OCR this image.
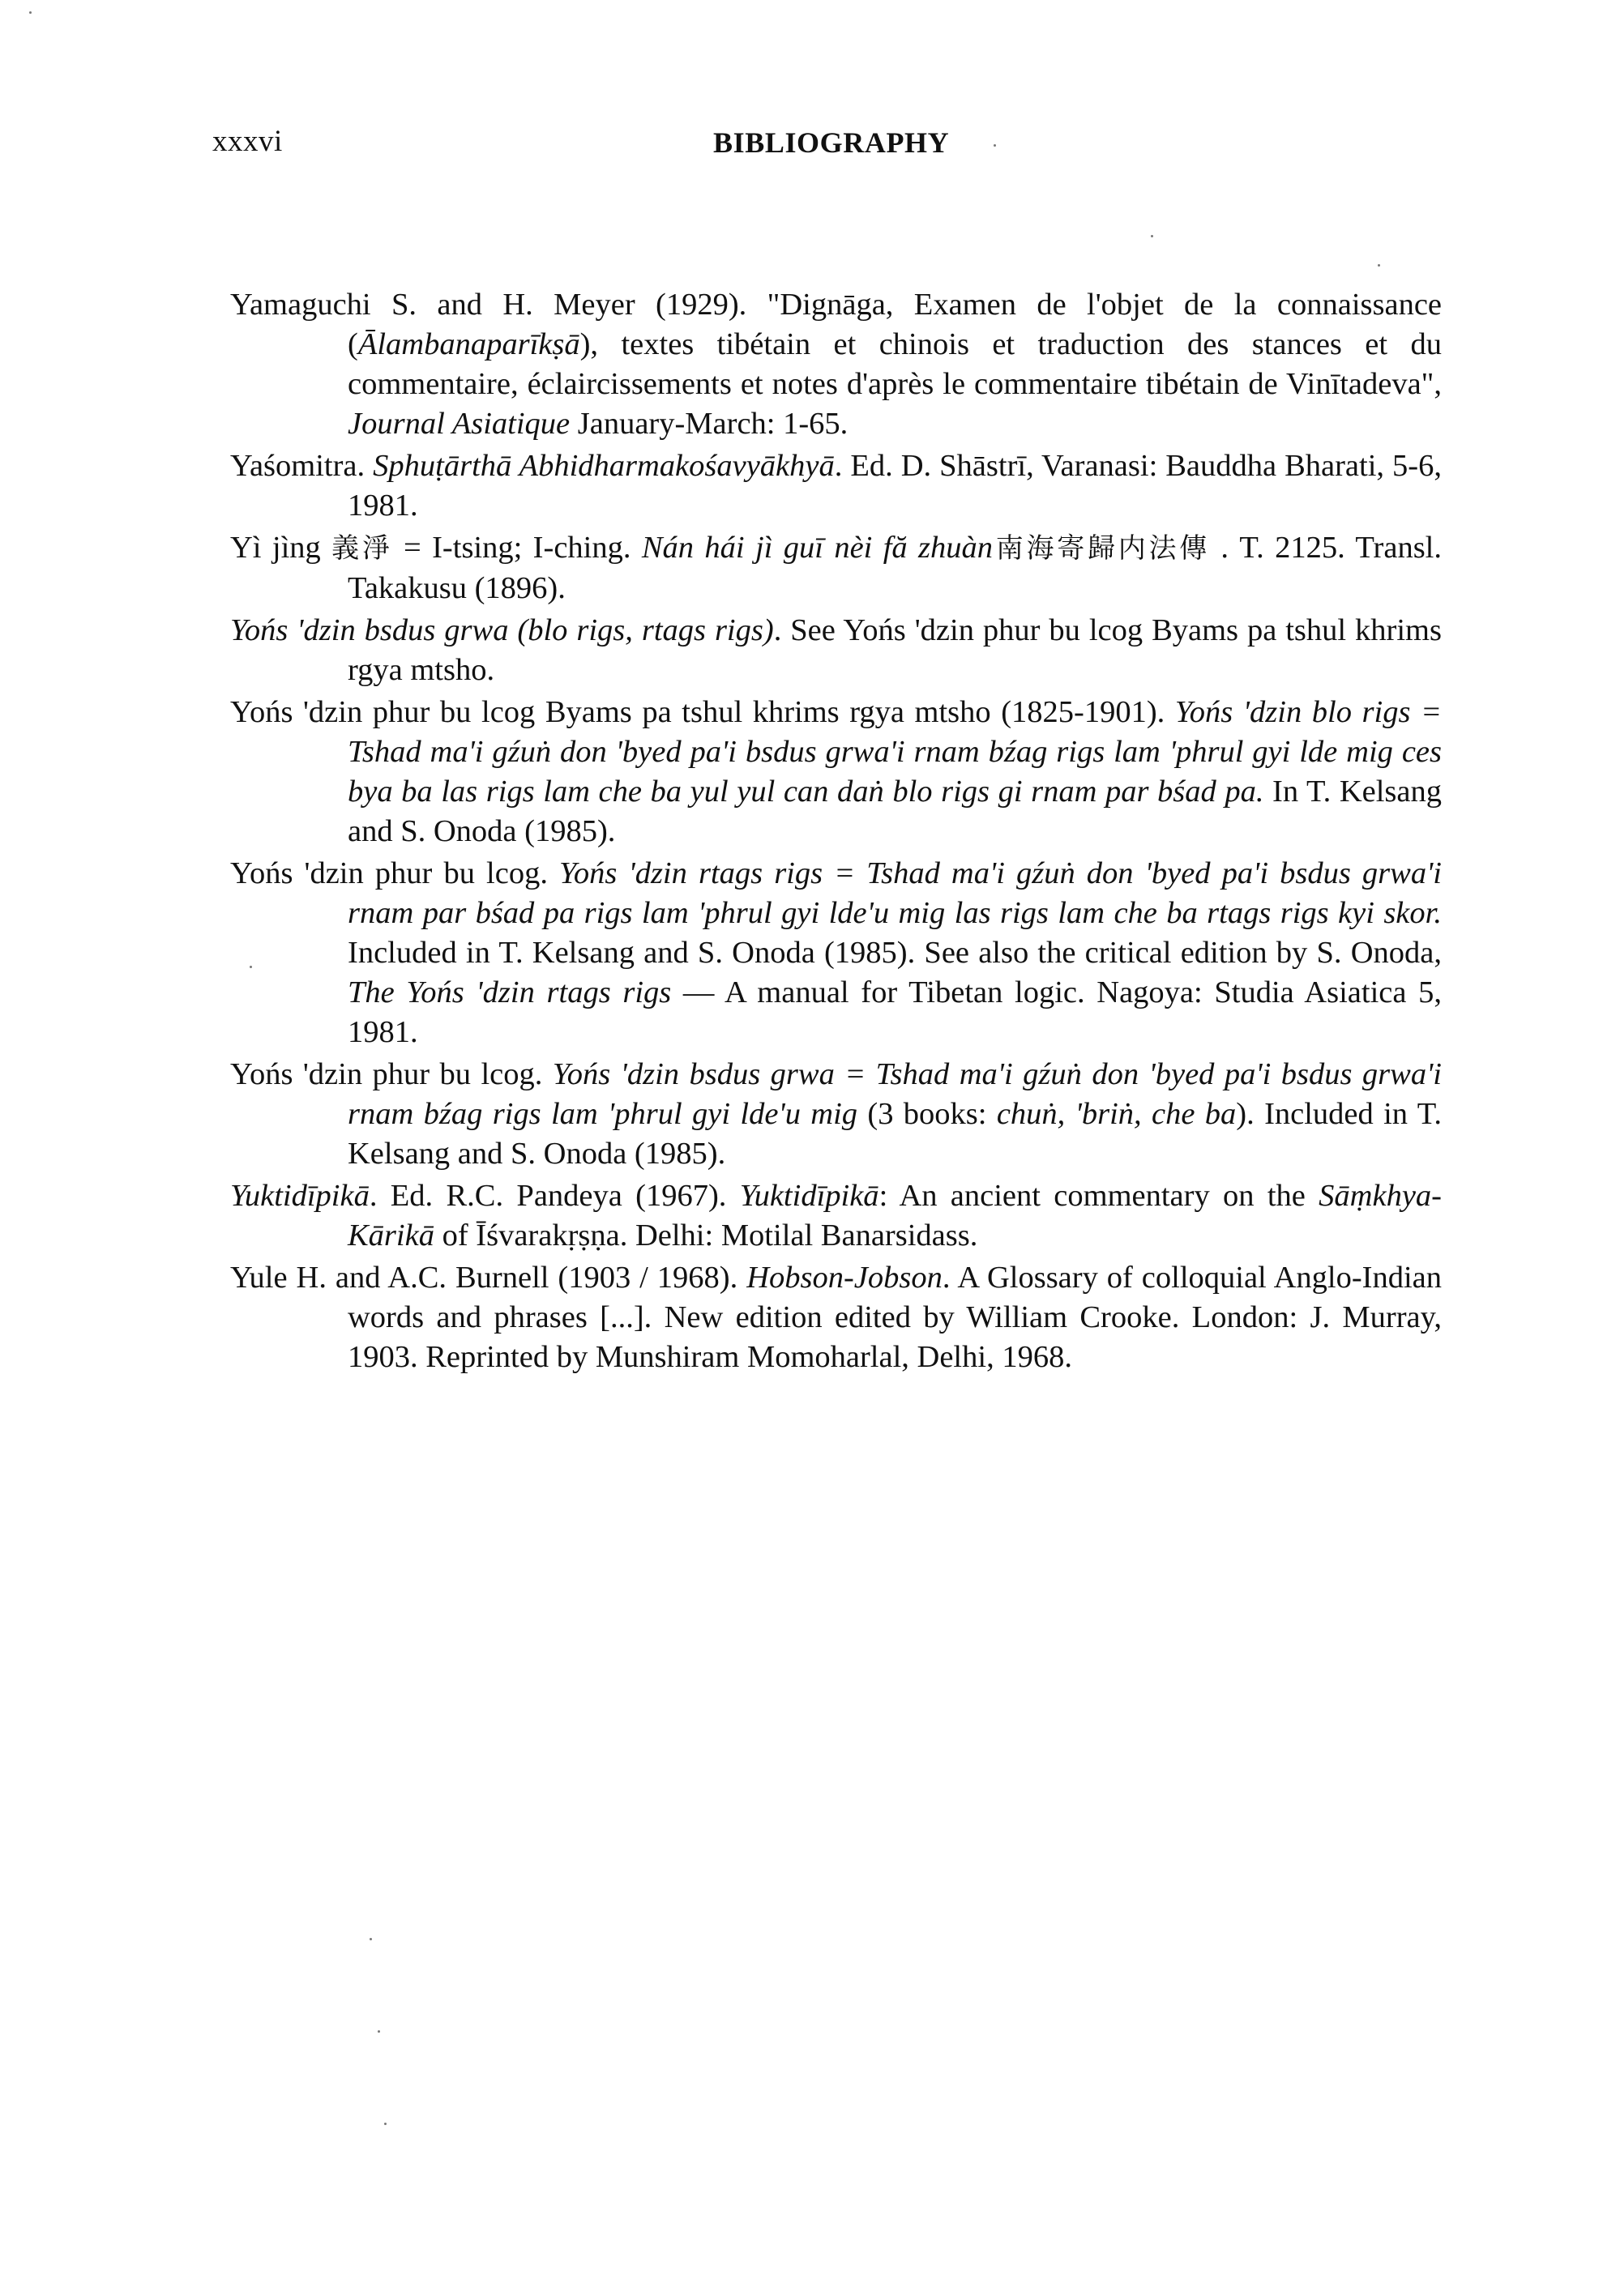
xxxvi	BIBLIOGRAPHY

Yamaguchi S. and H. Meyer (1929). "Dignāga, Examen de l'objet de la connaissance (Ālambanaparīkṣā), textes tibétain et chinois et traduction des stances et du commentaire, éclaircissements et notes d'après le commentaire tibétain de Vinītadeva", Journal Asiatique January-March: 1-65.

Yaśomitra. Sphuṭārthā Abhidharmakośavyākhyā. Ed. D. Shāstrī, Varanasi: Bauddha Bharati, 5-6, 1981.

Yì jìng 義淨 = I-tsing; I-ching. Nán hái jì guī nèi fă zhuàn南海寄歸内法傳 . T. 2125. Transl. Takakusu (1896).

Yońs 'dzin bsdus grwa (blo rigs, rtags rigs). See Yońs 'dzin phur bu lcog Byams pa tshul khrims rgya mtsho.

Yońs 'dzin phur bu lcog Byams pa tshul khrims rgya mtsho (1825-1901). Yońs 'dzin blo rigs = Tshad ma'i gźuṅ don 'byed pa'i bsdus grwa'i rnam bźag rigs lam 'phrul gyi lde mig ces bya ba las rigs lam che ba yul yul can daṅ blo rigs gi rnam par bśad pa. In T. Kelsang and S. Onoda (1985).

Yońs 'dzin phur bu lcog. Yońs 'dzin rtags rigs = Tshad ma'i gźuṅ don 'byed pa'i bsdus grwa'i rnam par bśad pa rigs lam 'phrul gyi lde'u mig las rigs lam che ba rtags rigs kyi skor. Included in T. Kelsang and S. Onoda (1985). See also the critical edition by S. Onoda, The Yońs 'dzin rtags rigs — A manual for Tibetan logic. Nagoya: Studia Asiatica 5, 1981.

Yońs 'dzin phur bu lcog. Yońs 'dzin bsdus grwa = Tshad ma'i gźuṅ don 'byed pa'i bsdus grwa'i rnam bźag rigs lam 'phrul gyi lde'u mig (3 books: chuṅ, 'briṅ, che ba). Included in T. Kelsang and S. Onoda (1985).

Yuktidīpikā. Ed. R.C. Pandeya (1967). Yuktidīpikā: An ancient commentary on the Sāṃkhya-Kārikā of Īśvarakṛṣṇa. Delhi: Motilal Banarsidass.

Yule H. and A.C. Burnell (1903 / 1968). Hobson-Jobson. A Glossary of colloquial Anglo-Indian words and phrases [...]. New edition edited by William Crooke. London: J. Murray, 1903. Reprinted by Munshiram Momoharlal, Delhi, 1968.
